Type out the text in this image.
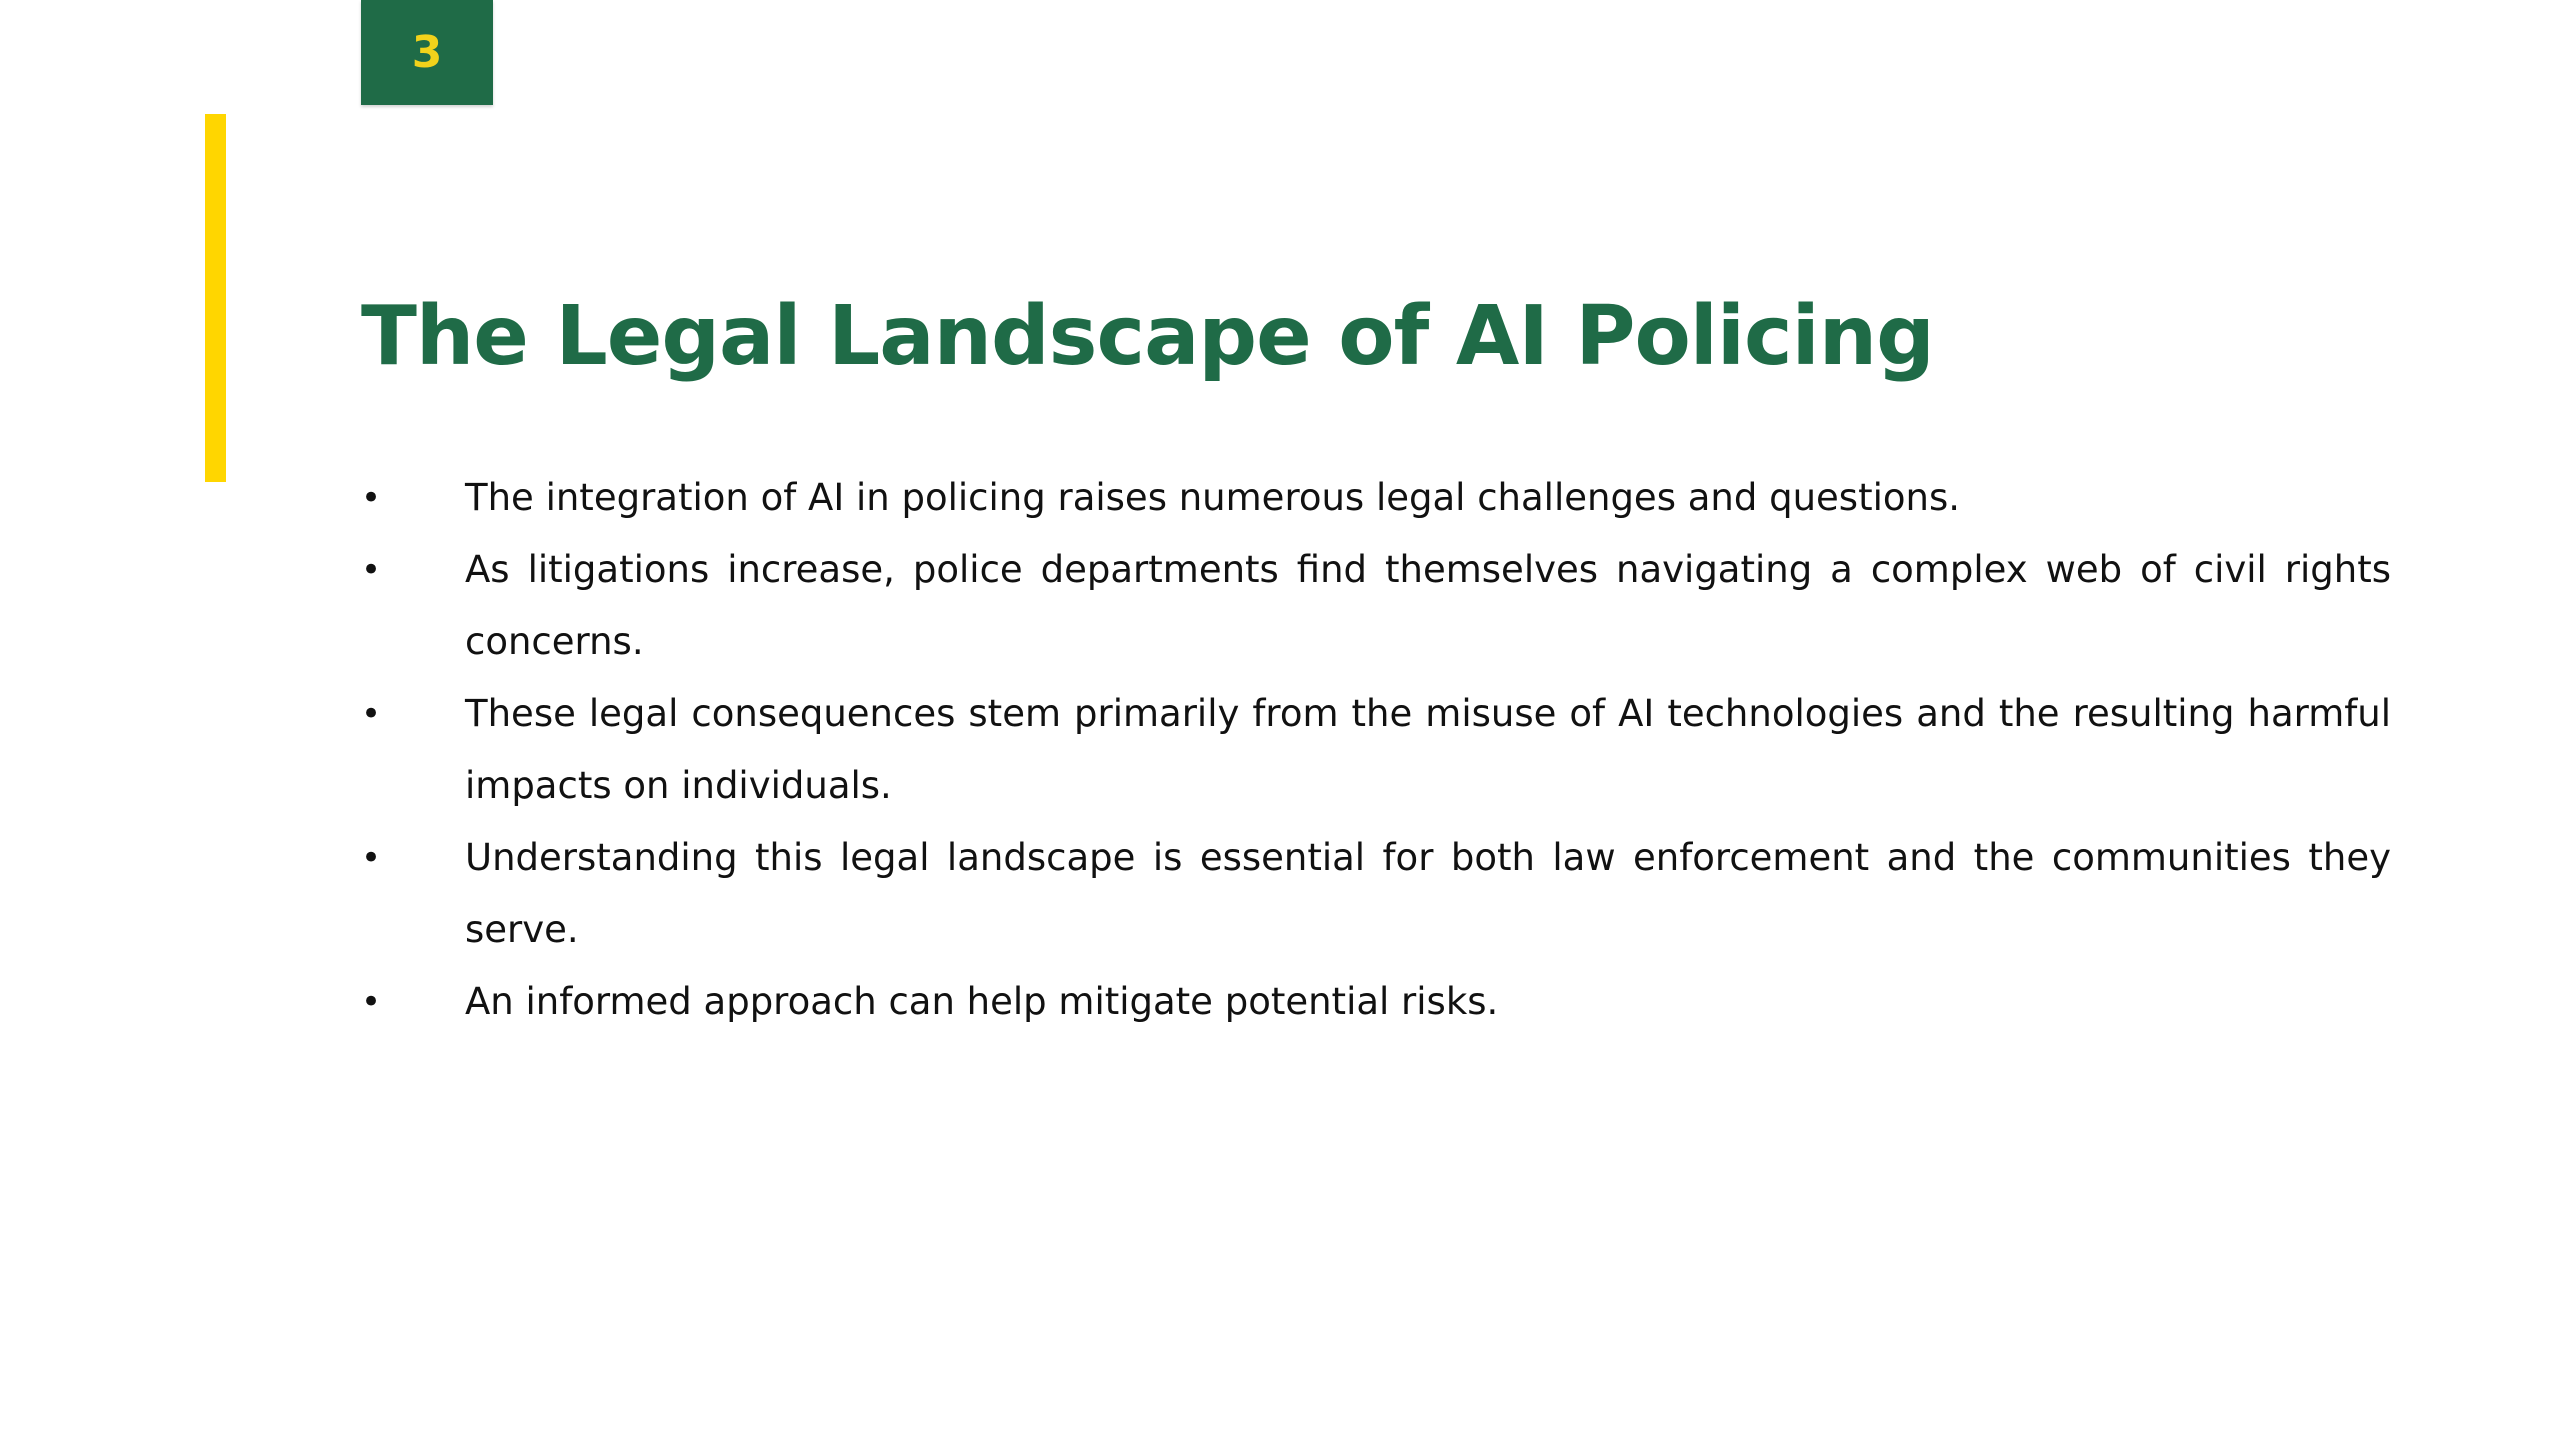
3
The Legal Landscape of AI Policing
• The integration of AI in policing raises numerous legal challenges and questions.
• As litigations increase, police departments find themselves navigating a complex web of civil rights concerns.
• These legal consequences stem primarily from the misuse of AI technologies and the resulting harmful impacts on individuals.
• Understanding this legal landscape is essential for both law enforcement and the communities they serve.
• An informed approach can help mitigate potential risks.
